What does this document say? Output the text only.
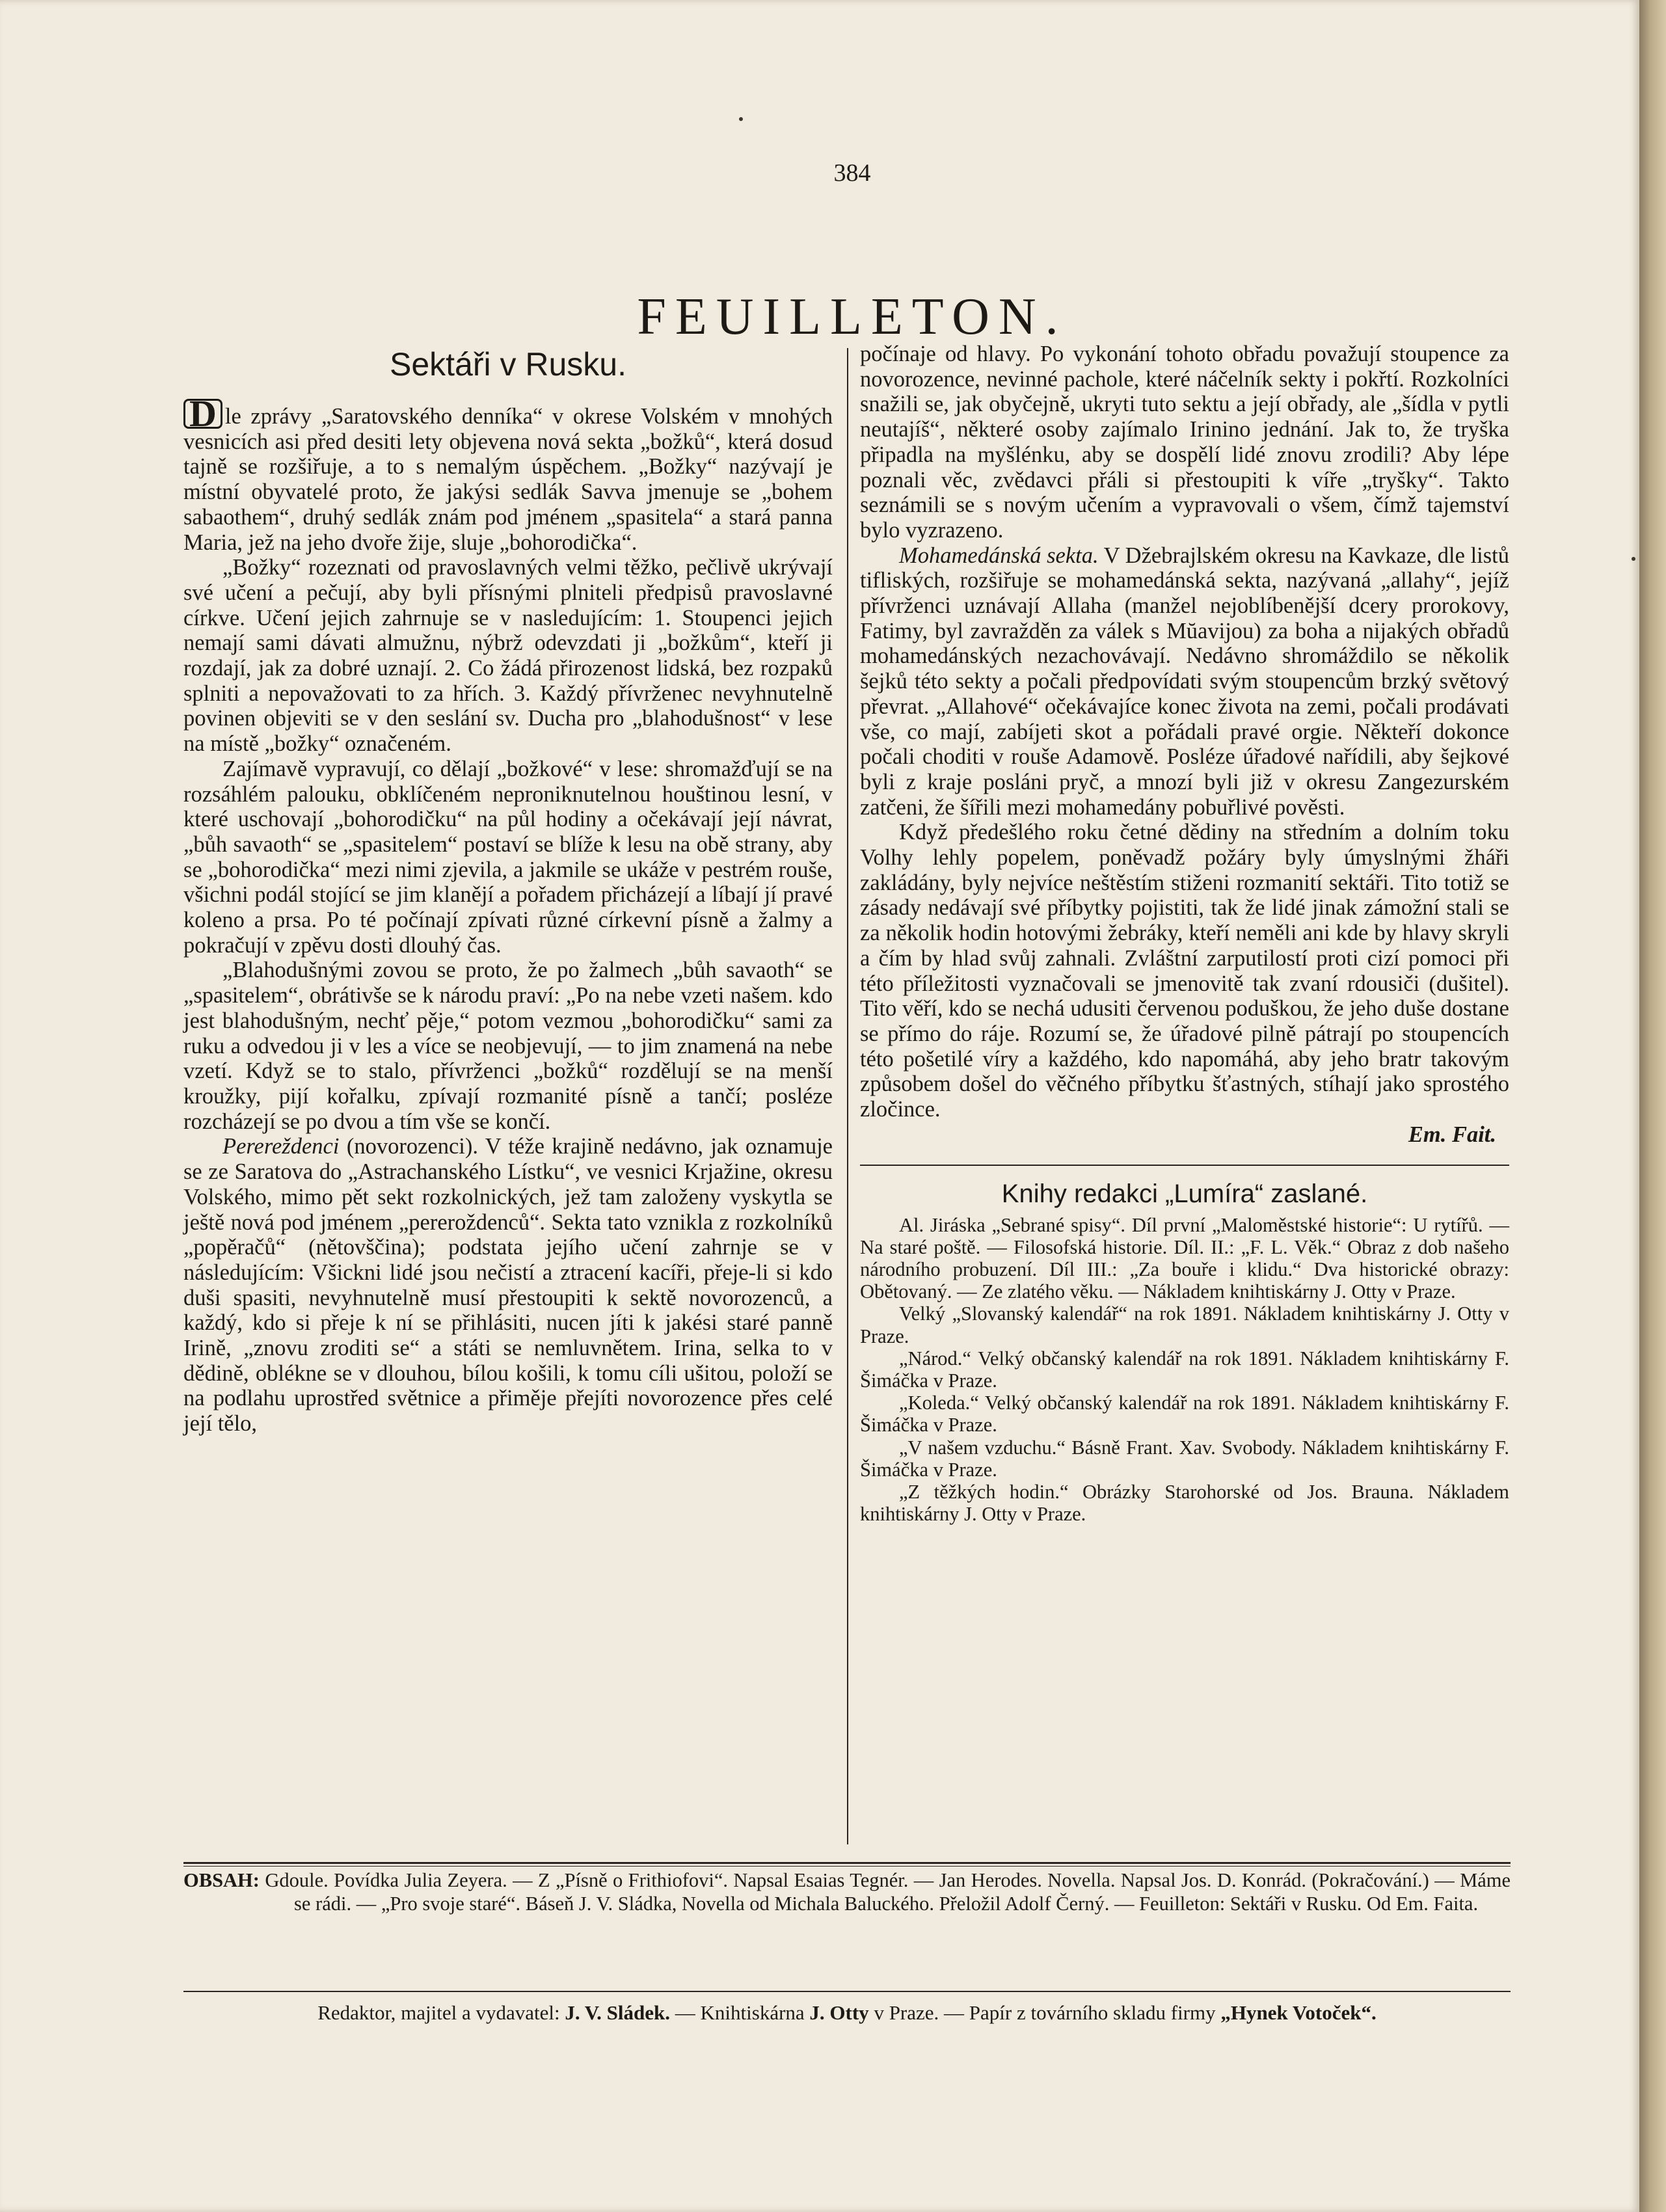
384
FEUILLETON.
Sektáři v Rusku.

D le zprávy „Saratovského denníka“ v okrese Volském v mnohých vesnicích asi před desiti lety objevena nová sekta „božků“, která dosud tajně se rozšiřuje, a to s nemalým úspěchem. „Božky“ nazývají je místní obyvatelé proto, že jakýsi sedlák Savva jmenuje se „bohem sabaothem“, druhý sedlák znám pod jménem „spasitela“ a stará panna Maria, jež na jeho dvoře žije, sluje „bohorodička“.

„Božky“ rozeznati od pravoslavných velmi těžko, pečlivě ukrývají své učení a pečují, aby byli přísnými plniteli předpisů pravoslavné církve. Učení jejich zahrnuje se v nasledujícím: 1. Stoupenci jejich nemají sami dávati almužnu, nýbrž odevzdati ji „božkům“, kteří ji rozdají, jak za dobré uznají. 2. Co žádá přirozenost lidská, bez rozpaků splniti a nepovažovati to za hřích. 3. Každý přívrženec nevyhnutelně povinen objeviti se v den seslání sv. Ducha pro „blahodušnost“ v lese na místě „božky“ označeném.

Zajímavě vypravují, co dělají „božkové“ v lese: shromažďují se na rozsáhlém palouku, obklíčeném neproniknutelnou houštinou lesní, v které uschovají „bohorodičku“ na půl hodiny a očekávají její návrat, „bůh savaoth“ se „spasitelem“ postaví se blíže k lesu na obě strany, aby se „bohorodička“ mezi nimi zjevila, a jakmile se ukáže v pestrém rouše, všichni podál stojící se jim klanějí a pořadem přicházejí a líbají jí pravé koleno a prsa. Po té počínají zpívati různé církevní písně a žalmy a pokračují v zpěvu dosti dlouhý čas.

„Blahodušnými zovou se proto, že po žalmech „bůh savaoth“ se „spasitelem“, obrátivše se k národu praví: „Po na nebe vzeti našem. kdo jest blahodušným, nechť pěje,“ potom vezmou „bohorodičku“ sami za ruku a odvedou ji v les a více se neobjevují, — to jim znamená na nebe vzetí. Když se to stalo, přívrženci „božků“ rozdělují se na menší kroužky, pijí kořalku, zpívají rozmanité písně a tančí; posléze rozcházejí se po dvou a tím vše se končí.

Perereždenci (novorozenci). V téže krajině nedávno, jak oznamuje se ze Saratova do „Astrachanského Lístku“, ve vesnici Krjažine, okresu Volského, mimo pět sekt rozkolnických, jež tam založeny vyskytla se ještě nová pod jménem „pereroždenců“. Sekta tato vznikla z rozkolníků „popěračů“ (nětovščina); podstata jejího učení zahrnje se v následujícím: Všickni lidé jsou nečistí a ztracení kacíři, přeje-li si kdo duši spasiti, nevyhnutelně musí přestoupiti k sektě novorozenců, a každý, kdo si přeje k ní se přihlásiti, nucen jíti k jakési staré panně Irině, „znovu zroditi se“ a státi se nemluvnětem. Irina, selka to v dědině, oblékne se v dlouhou, bílou košili, k tomu cíli ušitou, položí se na podlahu uprostřed světnice a přiměje přejíti novorozence přes celé její tělo,

počínaje od hlavy. Po vykonání tohoto obřadu považují stoupence za novorozence, nevinné pachole, které náčelník sekty i pokřtí. Rozkolníci snažili se, jak obyčejně, ukryti tuto sektu a její obřady, ale „šídla v pytli neutajíš“, některé osoby zajímalo Irinino jednání. Jak to, že tryška připadla na myšlénku, aby se dospělí lidé znovu zrodili? Aby lépe poznali věc, zvědavci přáli si přestoupiti k víře „tryšky“. Takto seznámili se s novým učením a vypravovali o všem, čímž tajemství bylo vyzrazeno.

Mohamedánská sekta. V Džebrajlském okresu na Kavkaze, dle listů tifliských, rozšiřuje se mohamedánská sekta, nazývaná „allahy“, jejíž přívrženci uznávají Allaha (manžel nejoblíbenější dcery prorokovy, Fatimy, byl zavražděn za válek s Mŭavijou) za boha a nijakých obřadů mohamedánských nezachovávají. Nedávno shromáždilo se několik šejků této sekty a počali předpovídati svým stoupencům brzký světový převrat. „Allahové“ očekávajíce konec života na zemi, počali prodávati vše, co mají, zabíjeti skot a pořádali pravé orgie. Někteří dokonce počali choditi v rouše Adamově. Posléze úřadové nařídili, aby šejkové byli z kraje posláni pryč, a mnozí byli již v okresu Zangezurském zatčeni, že šířili mezi mohamedány pobuřlivé pověsti.

Když předešlého roku četné dědiny na středním a dolním toku Volhy lehly popelem, poněvadž požáry byly úmyslnými žháři zakládány, byly nejvíce neštěstím stiženi rozmanití sektáři. Tito totiž se zásady nedávají své příbytky pojistiti, tak že lidé jinak zámožní stali se za několik hodin hotovými žebráky, kteří neměli ani kde by hlavy skryli a čím by hlad svůj zahnali. Zvláštní zarputilostí proti cizí pomoci při této příležitosti vyznačovali se jmenovitě tak zvaní rdousiči (dušitel). Tito věří, kdo se nechá udusiti červenou poduškou, že jeho duše dostane se přímo do ráje. Rozumí se, že úřadové pilně pátrají po stoupencích této pošetilé víry a každého, kdo napomáhá, aby jeho bratr takovým způsobem došel do věčného příbytku šťastných, stíhají jako sprostého zločince.

Em. Fait.

Knihy redakci „Lumíra“ zaslané.

Al. Jiráska „Sebrané spisy“. Díl první „Maloměstské historie“: U rytířů. — Na staré poště. — Filosofská historie. Díl. II.: „F. L. Věk.“ Obraz z dob našeho národního probuzení. Díl III.: „Za bouře i klidu.“ Dva historické obrazy: Obětovaný. — Ze zlatého věku. — Nákladem knihtiskárny J. Otty v Praze.

Velký „Slovanský kalendář“ na rok 1891. Nákladem knihtiskárny J. Otty v Praze.

„Národ.“ Velký občanský kalendář na rok 1891. Nákladem knihtiskárny F. Šimáčka v Praze.

„Koleda.“ Velký občanský kalendář na rok 1891. Nákladem knihtiskárny F. Šimáčka v Praze.

„V našem vzduchu.“ Básně Frant. Xav. Svobody. Nákladem knihtiskárny F. Šimáčka v Praze.

„Z těžkých hodin.“ Obrázky Starohorské od Jos. Brauna. Nákladem knihtiskárny J. Otty v Praze.

OBSAH: Gdoule. Povídka Julia Zeyera. — Z „Písně o Frithiofovi“. Napsal Esaias Tegnér. — Jan Herodes. Novella. Napsal Jos. D. Konrád. (Pokračování.) — Máme se rádi. — „Pro svoje staré“. Báseň J. V. Sládka, Novella od Michala Baluckého. Přeložil Adolf Černý. — Feuilleton: Sektáři v Rusku. Od Em. Faita.
Redaktor, majitel a vydavatel: J. V. Sládek. — Knihtiskárna J. Otty v Praze. — Papír z továrního skladu firmy „Hynek Votoček“.
